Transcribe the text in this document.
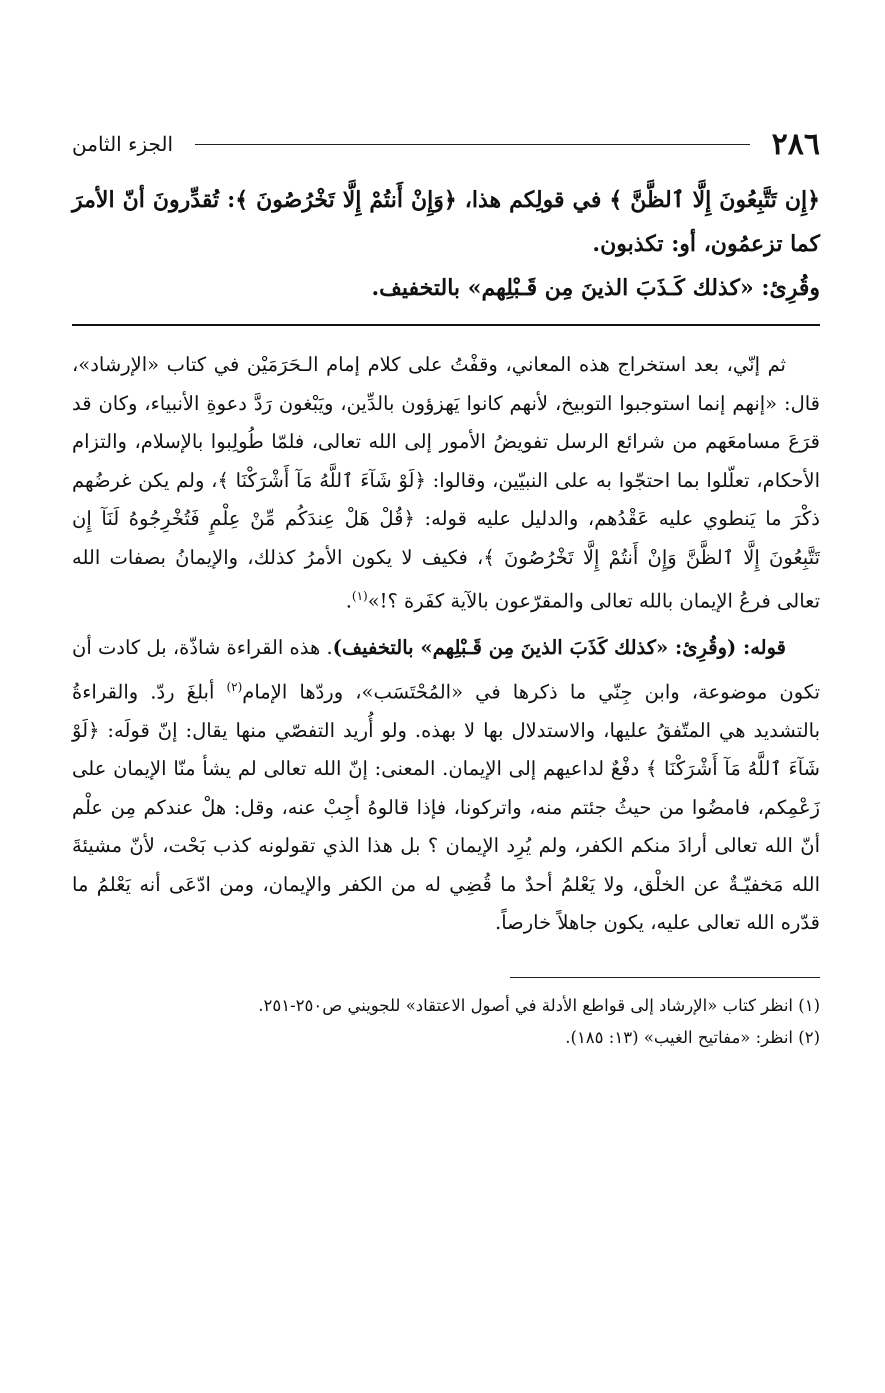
٢٨٦
الجزء الثامن

﴿إِن تَتَّبِعُونَ إِلَّا ٱلظَّنَّ ﴾ في قولِكم هذا، ﴿وَإِنْ أَنتُمْ إِلَّا تَخْرُصُونَ ﴾: تُقدِّرونَ أنّ الأمرَ كما تزعمُون، أو: تكذبون.

وقُرِئ: «كذلك كَـذَبَ الذينَ مِن قَـبْلِهم» بالتخفيف.

ثم إنّي، بعد استخراج هذه المعاني، وقفْتُ على كلام إمام الـحَرَمَيْن في كتاب «الإرشاد»، قال: «إنهم إنما استوجبوا التوبيخ، لأنهم كانوا يَهزؤون بالدِّين، ويَبْغون رَدَّ دعوةِ الأنبياء، وكان قد قرَعَ مسامعَهم من شرائع الرسل تفويضُ الأمور إلى الله تعالى، فلمّا طُولِبوا بالإسلام، والتزام الأحكام، تعلّلوا بما احتجّوا به على النبيّين، وقالوا: ﴿لَوْ شَآءَ ٱللَّهُ مَآ أَشْرَكْنَا ﴾، ولم يكن غرضُهم ذكْرَ ما يَنطوي عليه عَقْدُهم، والدليل عليه قوله: ﴿قُلْ هَلْ عِندَكُم مِّنْ عِلْمٍ فَتُخْرِجُوهُ لَنَآ إِن تَتَّبِعُونَ إِلَّا ٱلظَّنَّ وَإِنْ أَنتُمْ إِلَّا تَخْرُصُونَ ﴾، فكيف لا يكون الأمرُ كذلك، والإيمانُ بصفات الله تعالى فرعُ الإيمان بالله تعالى والمقرّعون بالآية كفَرة ؟!»$^{(١)}$.

قوله: (وقُرِئ: «كذلك كَذَبَ الذينَ مِن قَـبْلِهم» بالتخفيف). هذه القراءة شاذّة، بل كادت أن تكون موضوعة، وابن جِنّي ما ذكرها في «المُحْتَسَب»، وردّها الإمام$^{(٢)}$ أبلغَ ردّ. والقراءةُ بالتشديد هي المتّفقُ عليها، والاستدلال بها لا بهذه. ولو أُريد التفصّي منها يقال: إنّ قولَه: ﴿لَوْ شَآءَ ٱللَّهُ مَآ أَشْرَكْنَا ﴾ دفْعٌ لداعيهم إلى الإيمان. المعنى: إنّ الله تعالى لم يشأ منّا الإيمان على زَعْمِكم، فامضُوا من حيثُ جئتم منه، واتركونا، فإذا قالوهُ أجِبْ عنه، وقل: هلْ عندكم مِن علْم أنّ الله تعالى أرادَ منكم الكفر، ولم يُرِد الإيمان ؟ بل هذا الذي تقولونه كذب بَحْت، لأنّ مشيئةَ الله مَخفيّـةٌ عن الخلْق، ولا يَعْلمُ أحدٌ ما قُضِي له من الكفر والإيمان، ومن ادّعَى أنه يَعْلمُ ما قدّره الله تعالى عليه، يكون جاهلاً خارصاً.

(١) انظر كتاب «الإرشاد إلى قواطع الأدلة في أصول الاعتقاد» للجويني ص٢٥٠-٢٥١.
(٢) انظر: «مفاتيح الغيب» (١٣: ١٨٥).
